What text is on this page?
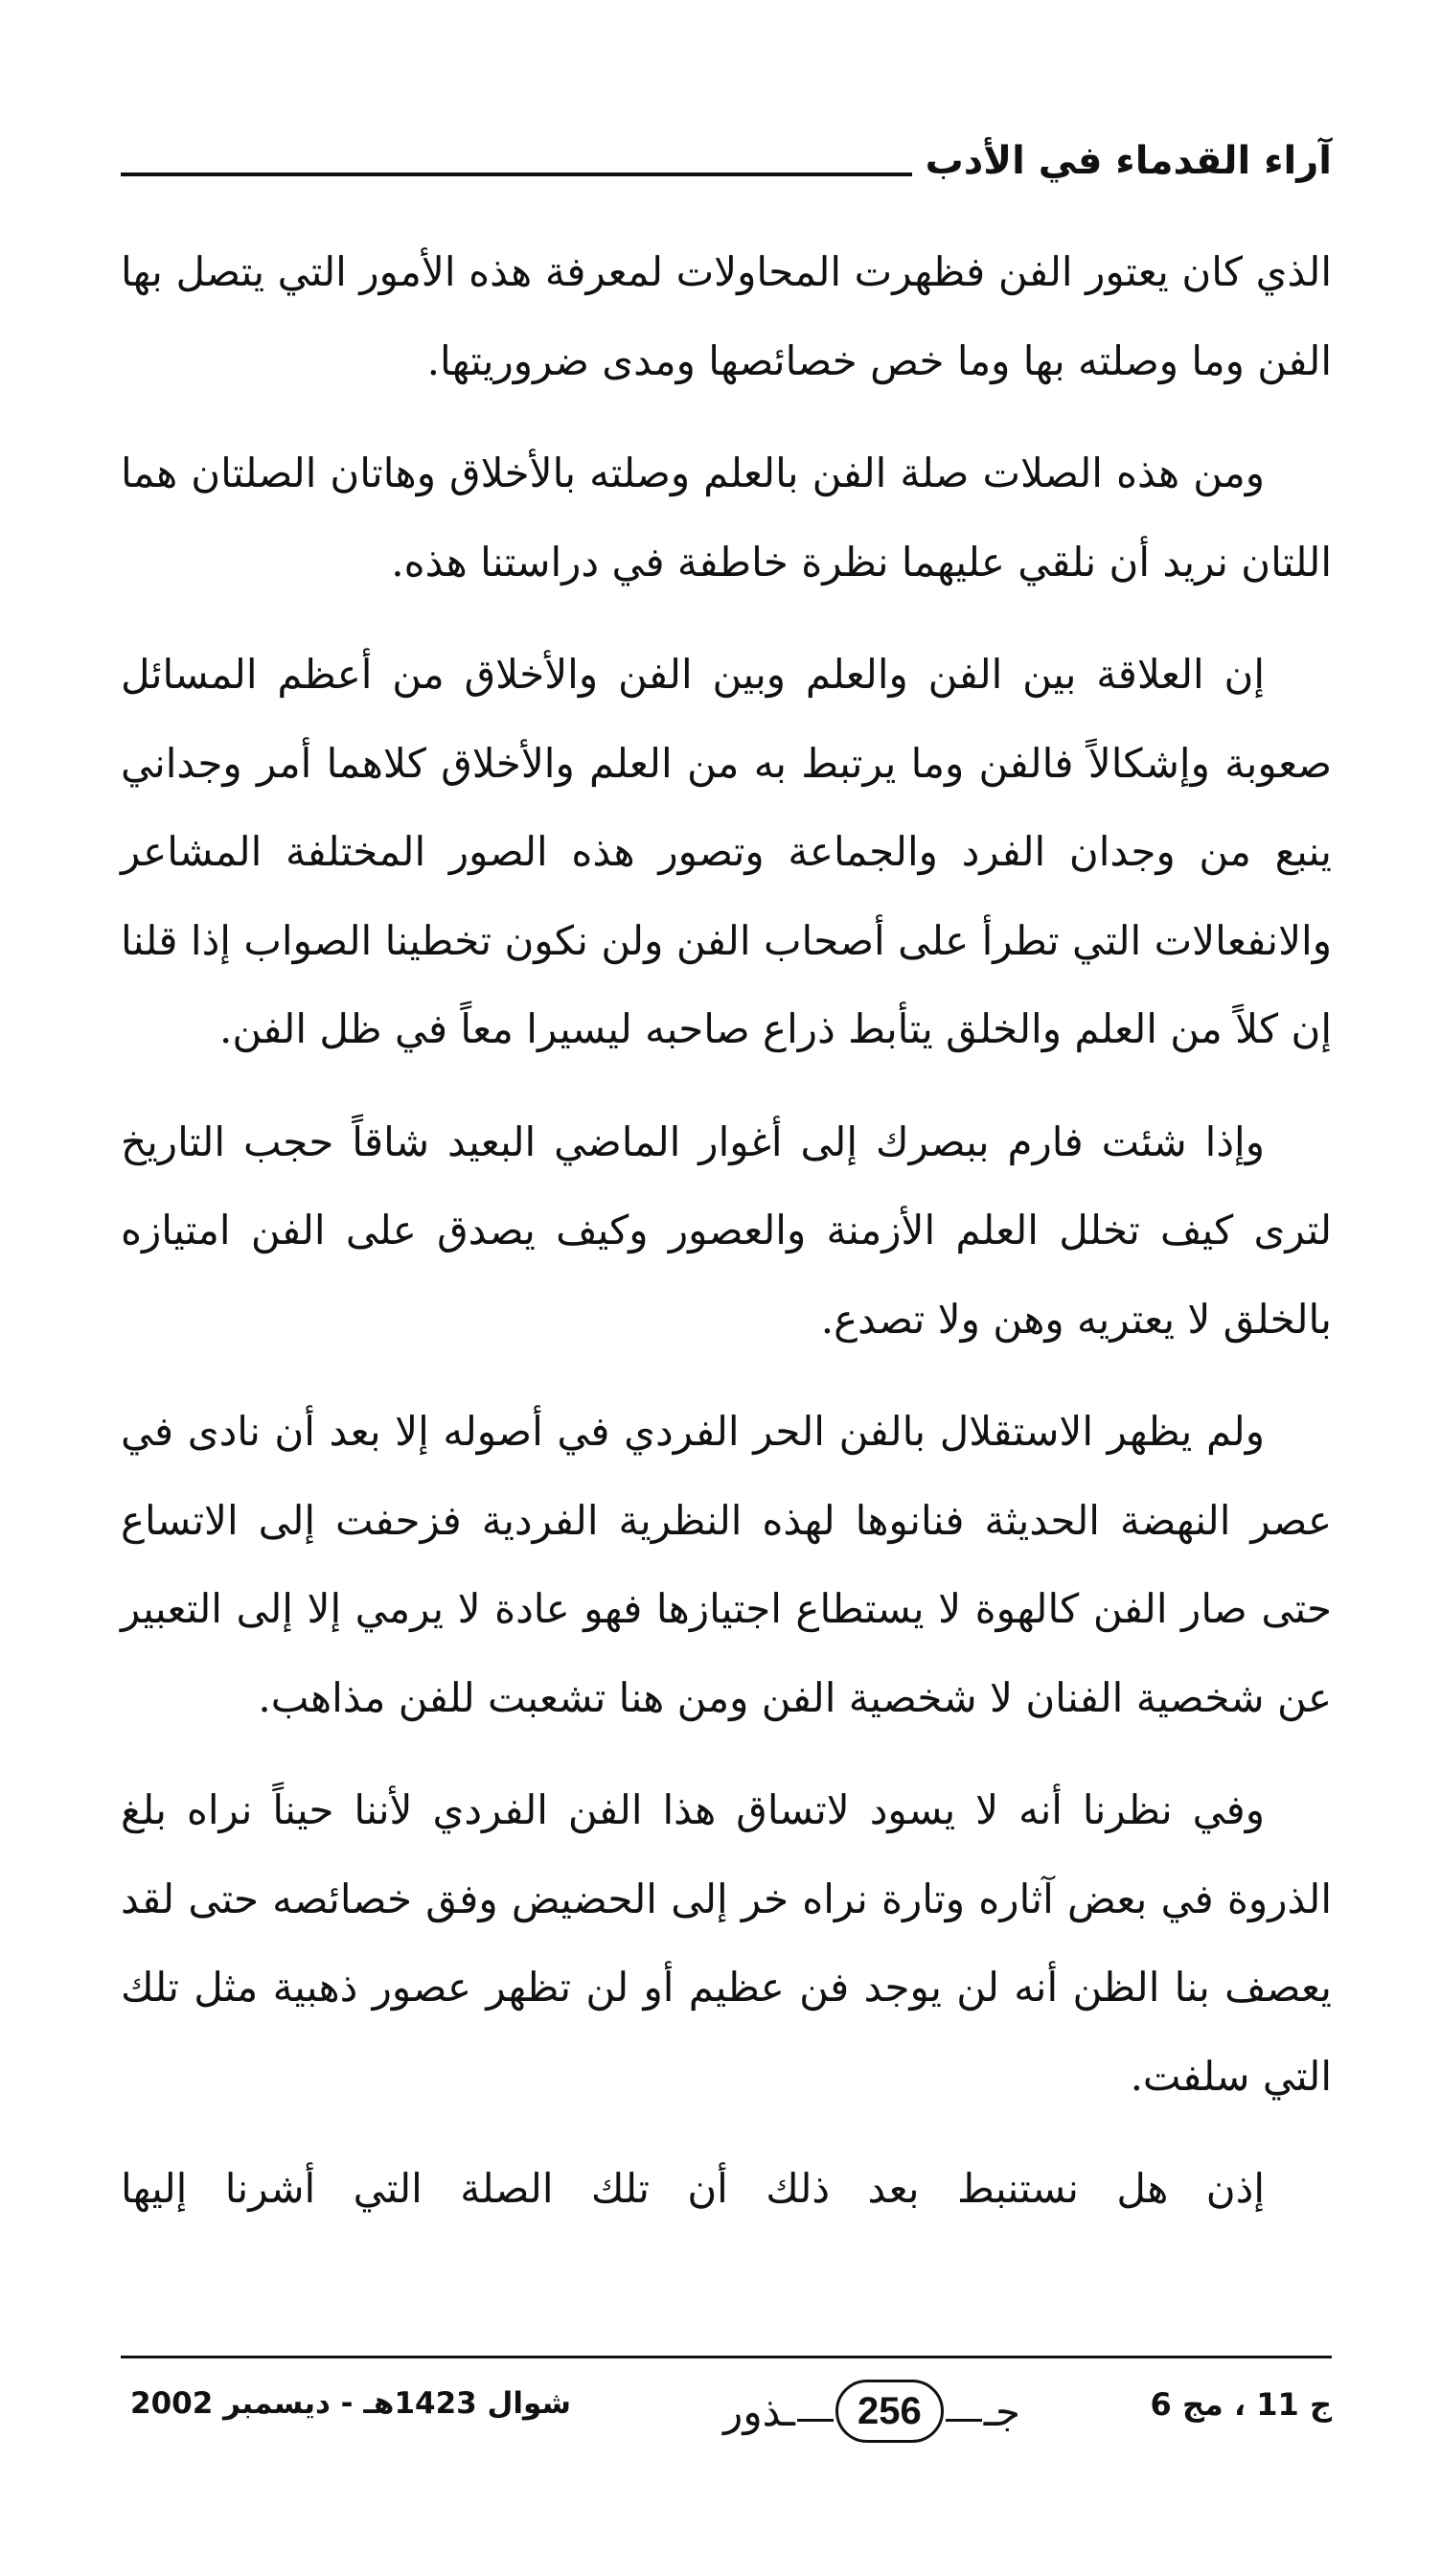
آراء القدماء في الأدب

الذي كان يعتور الفن فظهرت المحاولات لمعرفة هذه الأمور التي يتصل بها الفن وما وصلته بها وما خص خصائصها ومدى ضروريتها.

ومن هذه الصلات صلة الفن بالعلم وصلته بالأخلاق وهاتان الصلتان هما اللتان نريد أن نلقي عليهما نظرة خاطفة في دراستنا هذه.

إن العلاقة بين الفن والعلم وبين الفن والأخلاق من أعظم المسائل صعوبة وإشكالاً فالفن وما يرتبط به من العلم والأخلاق كلاهما أمر وجداني ينبع من وجدان الفرد والجماعة وتصور هذه الصور المختلفة المشاعر والانفعالات التي تطرأ على أصحاب الفن ولن نكون تخطينا الصواب إذا قلنا إن كلاً من العلم والخلق يتأبط ذراع صاحبه ليسيرا معاً في ظل الفن.

وإذا شئت فارم ببصرك إلى أغوار الماضي البعيد شاقاً حجب التاريخ لترى كيف تخلل العلم الأزمنة والعصور وكيف يصدق على الفن امتيازه بالخلق لا يعتريه وهن ولا تصدع.

ولم يظهر الاستقلال بالفن الحر الفردي في أصوله إلا بعد أن نادى في عصر النهضة الحديثة فنانوها لهذه النظرية الفردية فزحفت إلى الاتساع حتى صار الفن كالهوة لا يستطاع اجتيازها فهو عادة لا يرمي إلا إلى التعبير عن شخصية الفنان لا شخصية الفن ومن هنا تشعبت للفن مذاهب.

وفي نظرنا أنه لا يسود لاتساق هذا الفن الفردي لأننا حيناً نراه بلغ الذروة في بعض آثاره وتارة نراه خر إلى الحضيض وفق خصائصه حتى لقد يعصف بنا الظن أنه لن يوجد فن عظيم أو لن تظهر عصور ذهبية مثل تلك التي سلفت.

إذن هل نستنبط بعد ذلك أن تلك الصلة التي أشرنا إليها

ج 11 ، مج 6
جـ
256
ـذور
شوال 1423هـ - ديسمبر 2002
